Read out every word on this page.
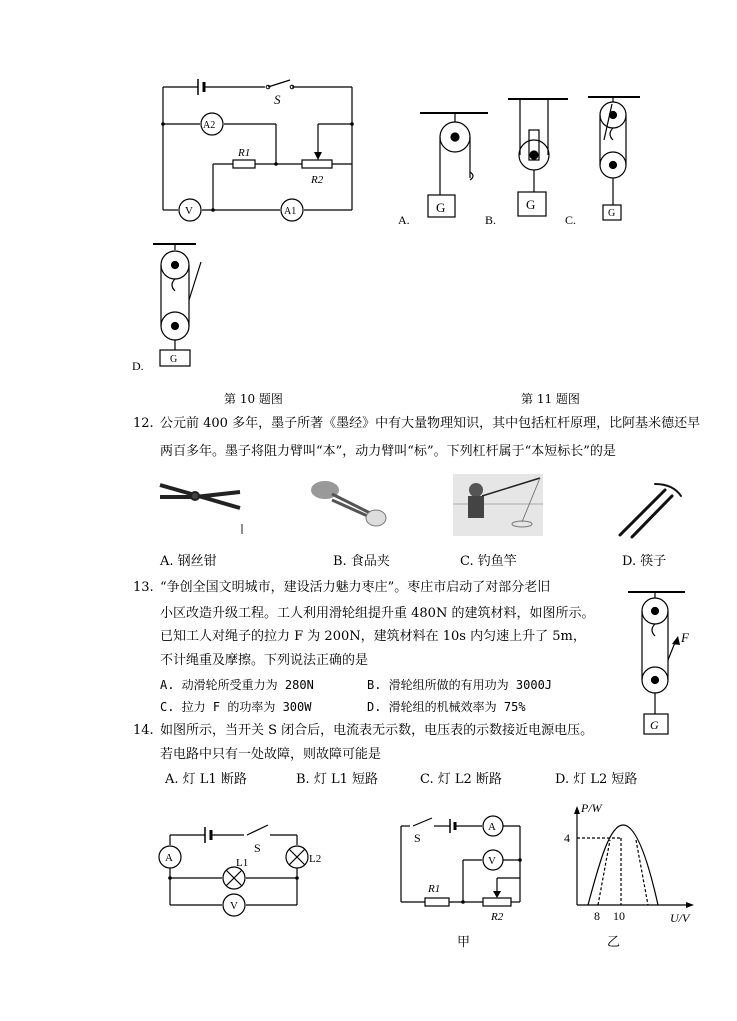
S
A2
R1
R2
V	A1	G	G
G
G
A.	B.	C.
D.
第 10 题图	第 11 题图
12. 公元前 400 多年，墨子所著《墨经》中有大量物理知识，其中包括杠杆原理，比阿基米德还早
两百多年。墨子将阻力臂叫“本”，动力臂叫“标”。下列杠杆属于“本短标长”的是
A. 钢丝钳	B. 食品夹	C. 钓鱼竿	D. 筷子
13. “争创全国文明城市，建设活力魅力枣庄”。枣庄市启动了对部分老旧
小区改造升级工程。工人利用滑轮组提升重 480N 的建筑材料，如图所示。
已知工人对绳子的拉力 F 为 200N，建筑材料在 10s 内匀速上升了 5m，
不计绳重及摩擦。下列说法正确的是
A. 动滑轮所受重力为 280N	B. 滑轮组所做的有用功为 3000J
C. 拉力 F 的功率为 300W	D. 滑轮组的机械效率为 75%
F
G
14. 如图所示，当开关 S 闭合后，电流表无示数，电压表的示数接近电源电压。
若电路中只有一处故障，则故障可能是
A. 灯 L1 断路	B. 灯 L1 短路	C. 灯 L2 断路	D. 灯 L2 短路
A
S
L1	L2
V
S
A
V
R1
R2
P/W
U/V
4
8 10
甲	乙
